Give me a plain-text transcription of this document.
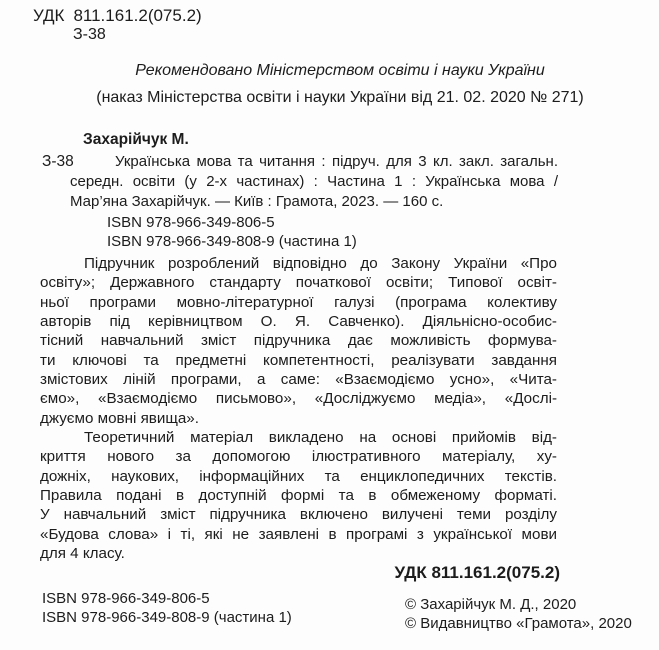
УДК 811.161.2(075.2)
З-38
Рекомендовано Міністерством освіти і науки України
(наказ Міністерства освіти і науки України від 21. 02. 2020 № 271)
Захарійчук М.
З-38	Українська мова та читання : підруч. для 3 кл. закл. загальн.
середн. освіти (у 2-х частинах) : Частина 1 : Українська мова /
Мар’яна Захарійчук. — Київ : Грамота, 2023. — 160 с.
ISBN 978-966-349-806-5
ISBN 978-966-349-808-9 (частина 1)
Підручник розроблений відповідно до Закону України «Про
освіту»; Державного стандарту початкової освіти; Типової освіт-
ньої програми мовно-літературної галузі (програма колективу
авторів під керівництвом О. Я. Савченко). Діяльнісно-особис-
тісний навчальний зміст підручника дає можливість формува-
ти ключові та предметні компетентності, реалізувати завдання
змістових ліній програми, а саме: «Взаємодіємо усно», «Чита-
ємо», «Взаємодіємо письмово», «Досліджуємо медіа», «Дослі-
джуємо мовні явища».
Теоретичний матеріал викладено на основі прийомів від-
криття нового за допомогою ілюстративного матеріалу, ху-
дожніх, наукових, інформаційних та енциклопедичних текстів.
Правила подані в доступній формі та в обмеженому форматі.
У навчальний зміст підручника включено вилучені теми розділу
«Будова слова» і ті, які не заявлені в програмі з української мови
для 4 класу.
УДК 811.161.2(075.2)
ISBN 978-966-349-806-5
ISBN 978-966-349-808-9 (частина 1)
© Захарійчук М. Д., 2020
© Видавництво «Грамота», 2020
